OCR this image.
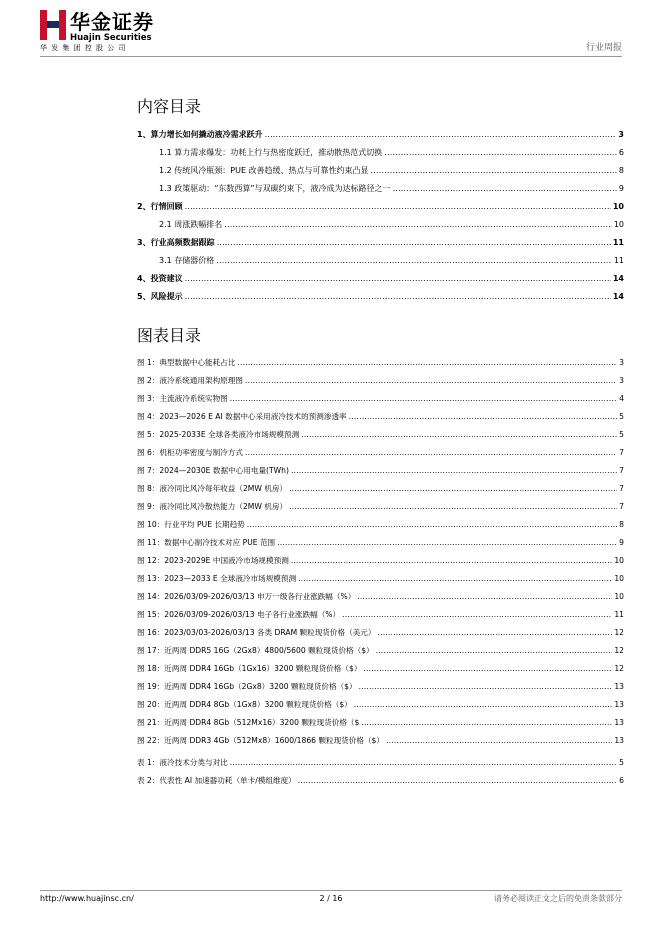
华金证券
Huajin Securities
华发集团控股公司	行业周报
内容目录
1、算力增长如何撬动液冷需求跃升 .....	3
1.1 算力需求爆发：功耗上行与热密度跃迁，推动散热范式切换 .....	6
1.2 传统风冷瓶颈：PUE 改善趋缓、热点与可靠性约束凸显 .....	8
1.3 政策驱动：“东数西算”与双碳约束下，液冷成为达标路径之一 .....	9
2、行情回顾 .....	10
2.1 周涨跌幅排名 .....	10
3、行业高频数据跟踪 .....	11
3.1 存储器价格 .....	11
4、投资建议 .....	14
5、风险提示 .....	14
图表目录
图 1：典型数据中心能耗占比 .....	3
图 2：液冷系统通用架构原理图 .....	3
图 3：主流液冷系统实物图 .....	4
图 4：2023—2026 E AI 数据中心采用液冷技术的预测渗透率 .....	5
图 5：2025-2033E 全球各类液冷市场规模预测 .....	5
图 6：机柜功率密度与制冷方式 .....	7
图 7：2024—2030E 数据中心用电量(TWh) .....	7
图 8：液冷同比风冷每年收益（2MW 机房） .....	7
图 9：液冷同比风冷散热能力（2MW 机房） .....	7
图 10：行业平均 PUE 长期趋势 .....	8
图 11：数据中心制冷技术对应 PUE 范围 .....	9
图 12：2023-2029E 中国液冷市场规模预测 .....	10
图 13：2023—2033 E 全球液冷市场规模预测 .....	10
图 14：2026/03/09-2026/03/13 申万一级各行业涨跌幅（%） .....	10
图 15：2026/03/09-2026/03/13 电子各行业涨跌幅（%） .....	11
图 16：2023/03/03-2026/03/13 各类 DRAM 颗粒现货价格（美元） .....	12
图 17：近两周 DDR5 16G（2Gx8）4800/5600 颗粒现货价格（$） .....	12
图 18：近两周 DDR4 16Gb（1Gx16）3200 颗粒现货价格（$） .....	12
图 19：近两周 DDR4 16Gb（2Gx8）3200 颗粒现货价格（$） .....	13
图 20：近两周 DDR4 8Gb（1Gx8）3200 颗粒现货价格（$） .....	13
图 21：近两周 DDR4 8Gb（512Mx16）3200 颗粒现货价格（$ .....	13
图 22：近两周 DDR3 4Gb（512Mx8）1600/1866 颗粒现货价格（$） .....	13
表 1：液冷技术分类与对比 .....	5
表 2：代表性 AI 加速器功耗（单卡/模组维度） .....	6
http://www.huajinsc.cn/	2 / 16	请务必阅读正文之后的免责条款部分
